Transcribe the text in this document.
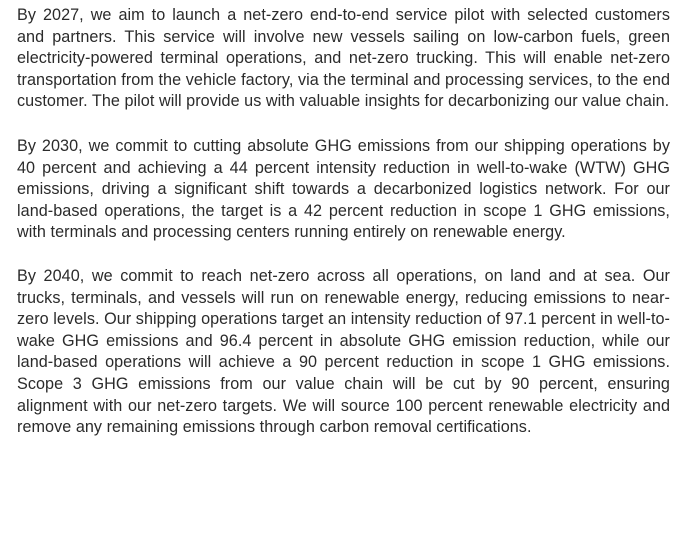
By 2027, we aim to launch a net-zero end-to-end service pilot with selected customers and partners. This service will involve new vessels sailing on low-carbon fuels, green electricity-powered terminal operations, and net-zero trucking. This will enable net-zero transportation from the vehicle factory, via the terminal and processing services, to the end customer. The pilot will provide us with valuable insights for decarbonizing our value chain.

By 2030, we commit to cutting absolute GHG emissions from our shipping operations by 40 percent and achieving a 44 percent intensity reduction in well-to-wake (WTW) GHG emissions, driving a significant shift towards a decarbonized logistics network. For our land-based operations, the target is a 42 percent reduction in scope 1 GHG emissions, with terminals and processing centers running entirely on renewable energy.

By 2040, we commit to reach net-zero across all operations, on land and at sea. Our trucks, terminals, and vessels will run on renewable energy, reducing emissions to near-zero levels. Our shipping operations target an intensity reduction of 97.1 percent in well-to-wake GHG emissions and 96.4 percent in absolute GHG emission reduction, while our land-based operations will achieve a 90 percent reduction in scope 1 GHG emissions. Scope 3 GHG emissions from our value chain will be cut by 90 percent, ensuring alignment with our net-zero targets. We will source 100 percent renewable electricity and remove any remaining emissions through carbon removal certifications.
